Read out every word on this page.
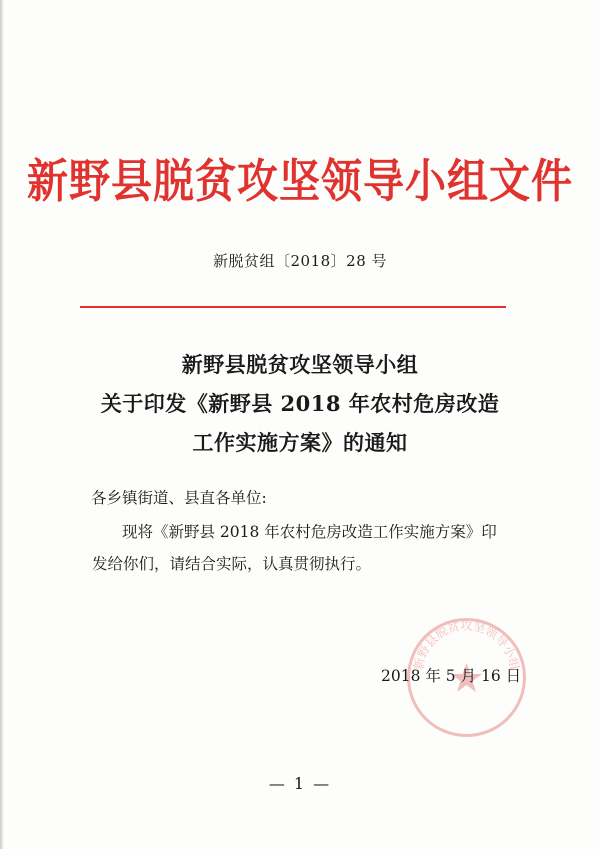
新野县脱贫攻坚领导小组文件
新脱贫组〔2018〕28 号
新野县脱贫攻坚领导小组
关于印发《新野县 2018 年农村危房改造
工作实施方案》的通知
各乡镇街道、县直各单位:
现将《新野县 2018 年农村危房改造工作实施方案》印
发给你们，请结合实际，认真贯彻执行。
新野县脱贫攻坚领导小组
2018 年 5 月 16 日
— 1 —
